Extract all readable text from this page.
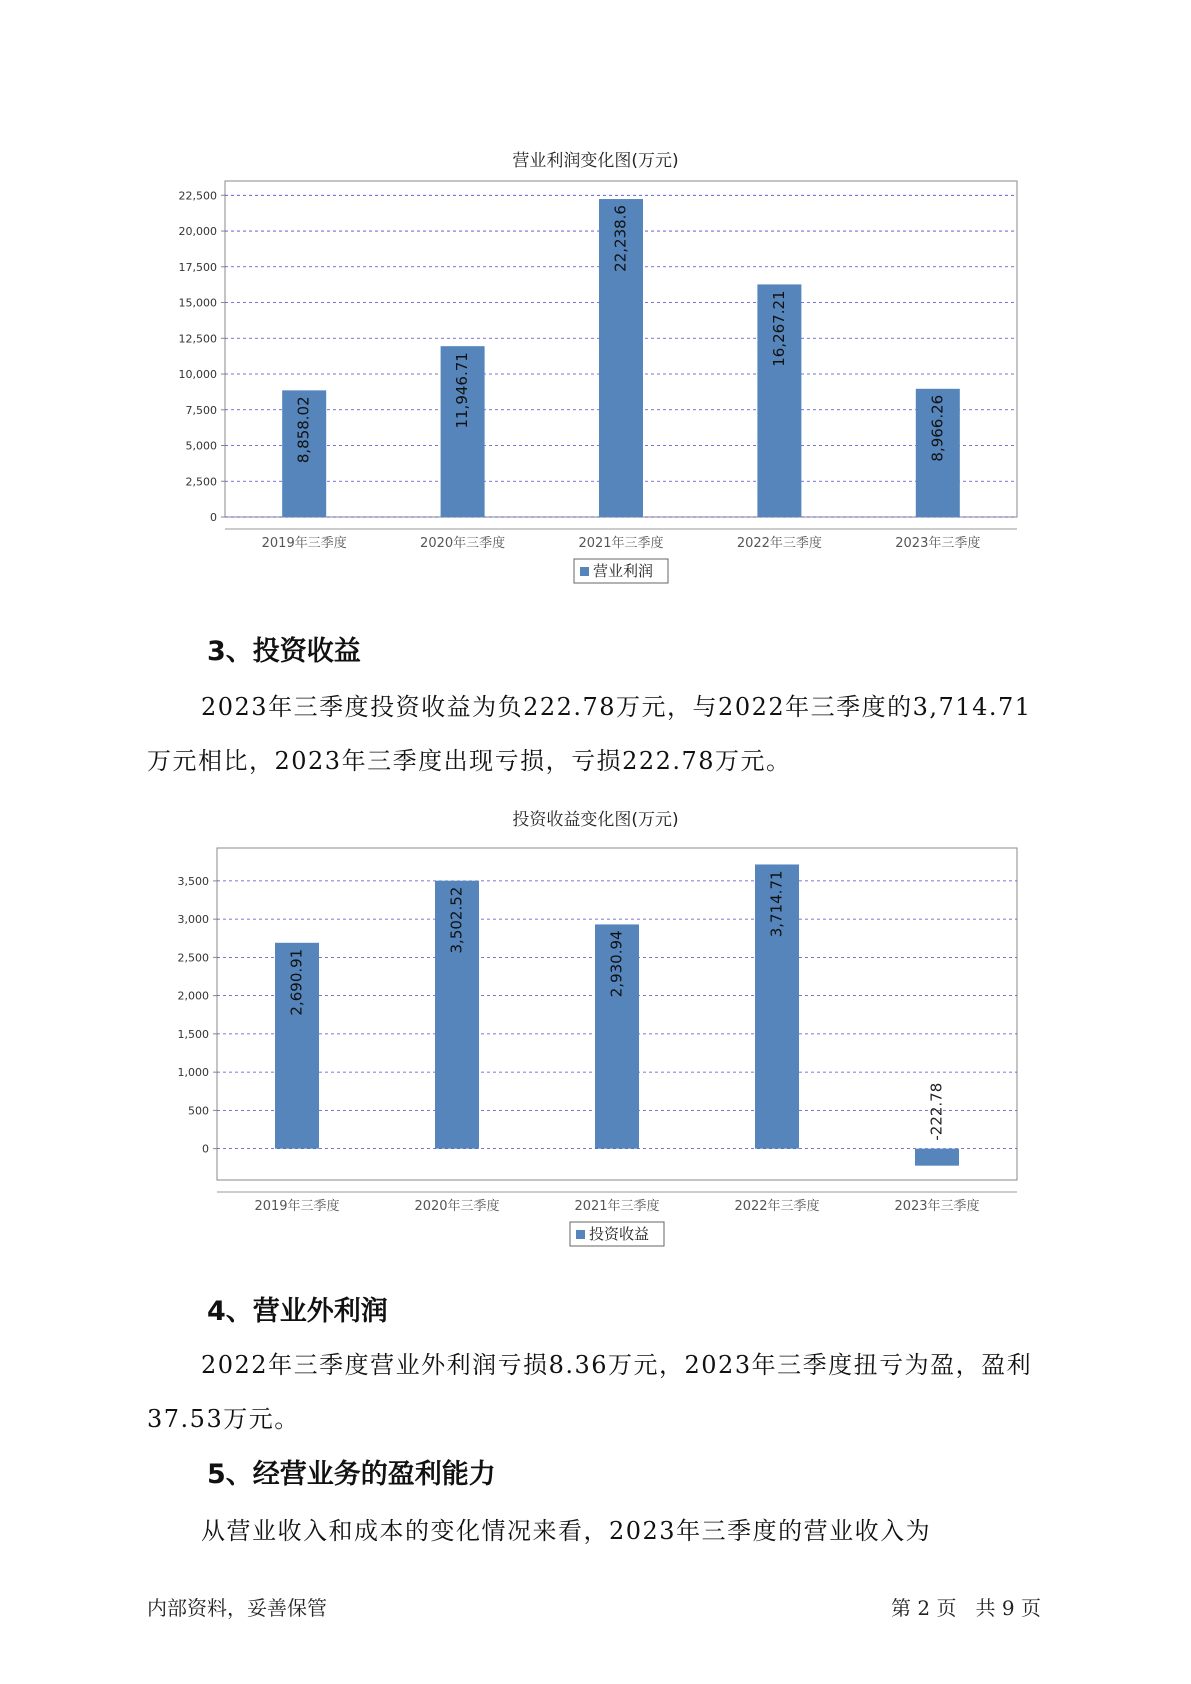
营业利润变化图(万元)
0
2,500
5,000
7,500
10,000
12,500
15,000
17,500
20,000
22,500
8,858.02
2019年三季度
11,946.71
2020年三季度
22,238.6
2021年三季度
16,267.21
2022年三季度
8,966.26
2023年三季度
营业利润
3、投资收益

2023年三季度投资收益为负222.78万元，与2022年三季度的3,714.71万元相比，2023年三季度出现亏损，亏损222.78万元。

投资收益变化图(万元)
0
500
1,000
1,500
2,000
2,500
3,000
3,500
2,690.91
2019年三季度
3,502.52
2020年三季度
2,930.94
2021年三季度
3,714.71
2022年三季度
-222.78
2023年三季度
投资收益
4、营业外利润

2022年三季度营业外利润亏损8.36万元，2023年三季度扭亏为盈，盈利37.53万元。

5、经营业务的盈利能力

从营业收入和成本的变化情况来看，2023年三季度的营业收入为

内部资料，妥善保管	第 2 页   共 9 页
